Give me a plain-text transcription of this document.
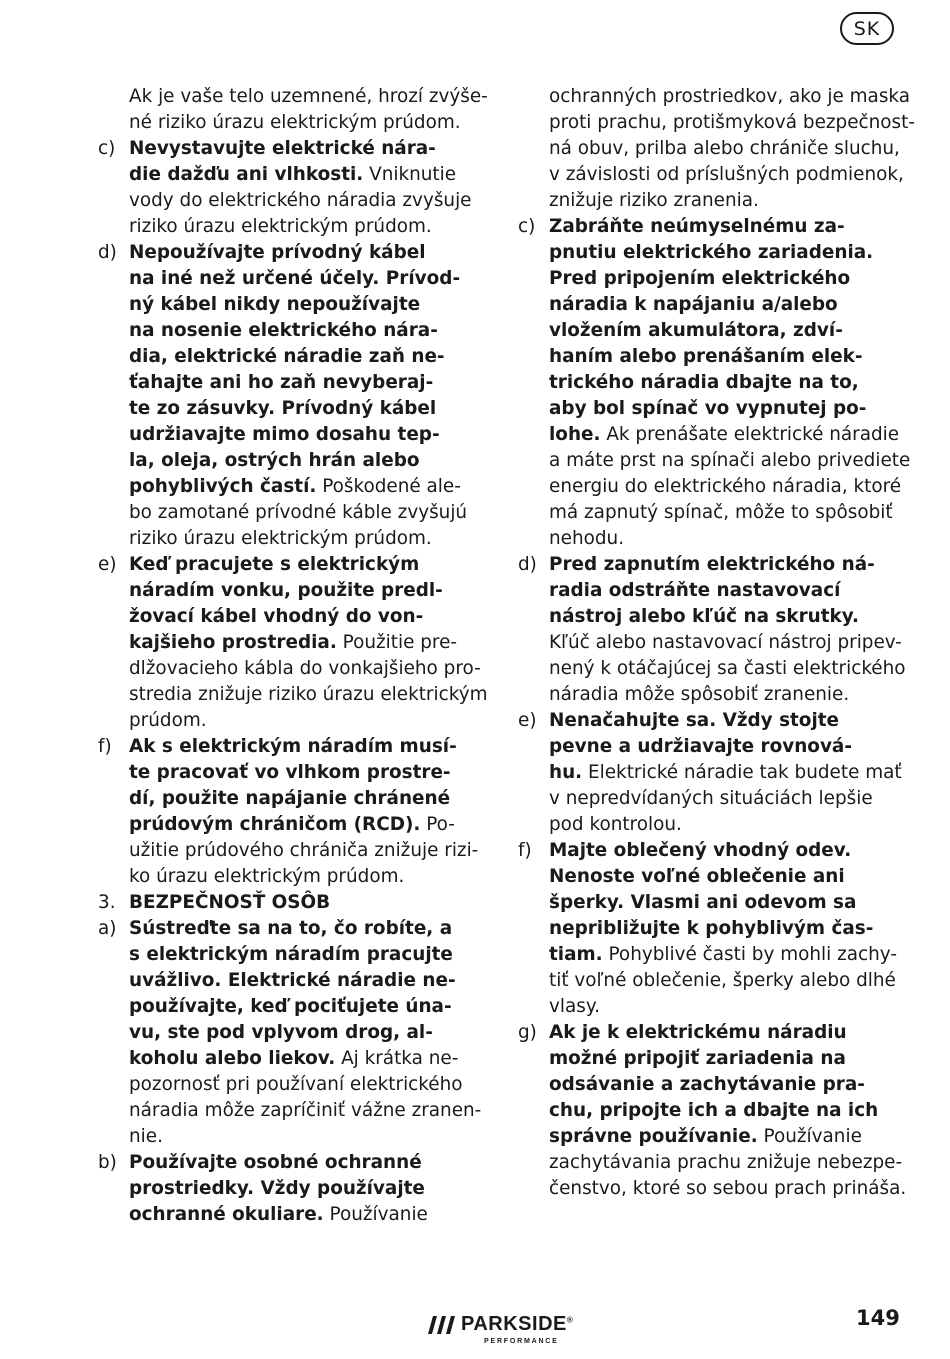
SK
Ak je vaše telo uzemnené, hrozí zvýše-
né riziko úrazu elektrickým prúdom.
c) Nevystavujte elektrické nára-
die dažďu ani vlhkosti. Vniknutie
vody do elektrického náradia zvyšuje
riziko úrazu elektrickým prúdom.
d) Nepoužívajte prívodný kábel
na iné než určené účely. Prívod-
ný kábel nikdy nepoužívajte
na nosenie elektrického nára-
dia, elektrické náradie zaň ne-
ťahajte ani ho zaň nevyberaj-
te zo zásuvky. Prívodný kábel
udržiavajte mimo dosahu tep-
la, oleja, ostrých hrán alebo
pohyblivých častí. Poškodené ale-
bo zamotané prívodné káble zvyšujú
riziko úrazu elektrickým prúdom.
e) Keď pracujete s elektrickým
náradím vonku, použite predl-
žovací kábel vhodný do von-
kajšieho prostredia. Použitie pre-
dlžovacieho kábla do vonkajšieho pro-
stredia znižuje riziko úrazu elektrickým
prúdom.
f) Ak s elektrickým náradím musí-
te pracovať vo vlhkom prostre-
dí, použite napájanie chránené
prúdovým chráničom (RCD). Po-
užitie prúdového chrániča znižuje rizi-
ko úrazu elektrickým prúdom.
3. BEZPEČNOSŤ OSÔB
a) Sústreďte sa na to, čo robíte, a
s elektrickým náradím pracujte
uvážlivo. Elektrické náradie ne-
používajte, keď pociťujete úna-
vu, ste pod vplyvom drog, al-
koholu alebo liekov. Aj krátka ne-
pozornosť pri používaní elektrického
náradia môže zapríčiniť vážne zranen-
nie.
b) Používajte osobné ochranné
prostriedky. Vždy používajte
ochranné okuliare. Používanie
ochranných prostriedkov, ako je maska
proti prachu, protišmyková bezpečnost-
ná obuv, prilba alebo chrániče sluchu,
v závislosti od príslušných podmienok,
znižuje riziko zranenia.
c) Zabráňte neúmyselnému za-
pnutiu elektrického zariadenia.
Pred pripojením elektrického
náradia k napájaniu a/alebo
vložením akumulátora, zdví-
haním alebo prenášaním elek-
trického náradia dbajte na to,
aby bol spínač vo vypnutej po-
lohe. Ak prenášate elektrické náradie
a máte prst na spínači alebo privediete
energiu do elektrického náradia, ktoré
má zapnutý spínač, môže to spôsobiť
nehodu.
d) Pred zapnutím elektrického ná-
radia odstráňte nastavovací
nástroj alebo kľúč na skrutky.
Kľúč alebo nastavovací nástroj pripev-
nený k otáčajúcej sa časti elektrického
náradia môže spôsobiť zranenie.
e) Nenačahujte sa. Vždy stojte
pevne a udržiavajte rovnová-
hu. Elektrické náradie tak budete mať
v nepredvídaných situáciách lepšie
pod kontrolou.
f) Majte oblečený vhodný odev.
Nenoste voľné oblečenie ani
šperky. Vlasmi ani odevom sa
nepribližujte k pohyblivým čas-
tiam. Pohyblivé časti by mohli zachy-
tiť voľné oblečenie, šperky alebo dlhé
vlasy.
g) Ak je k elektrickému náradiu
možné pripojiť zariadenia na
odsávanie a zachytávanie pra-
chu, pripojte ich a dbajte na ich
správne používanie. Používanie
zachytávania prachu znižuje nebezpe-
čenstvo, ktoré so sebou prach prináša.
PARKSIDE®
PERFORMANCE
149
